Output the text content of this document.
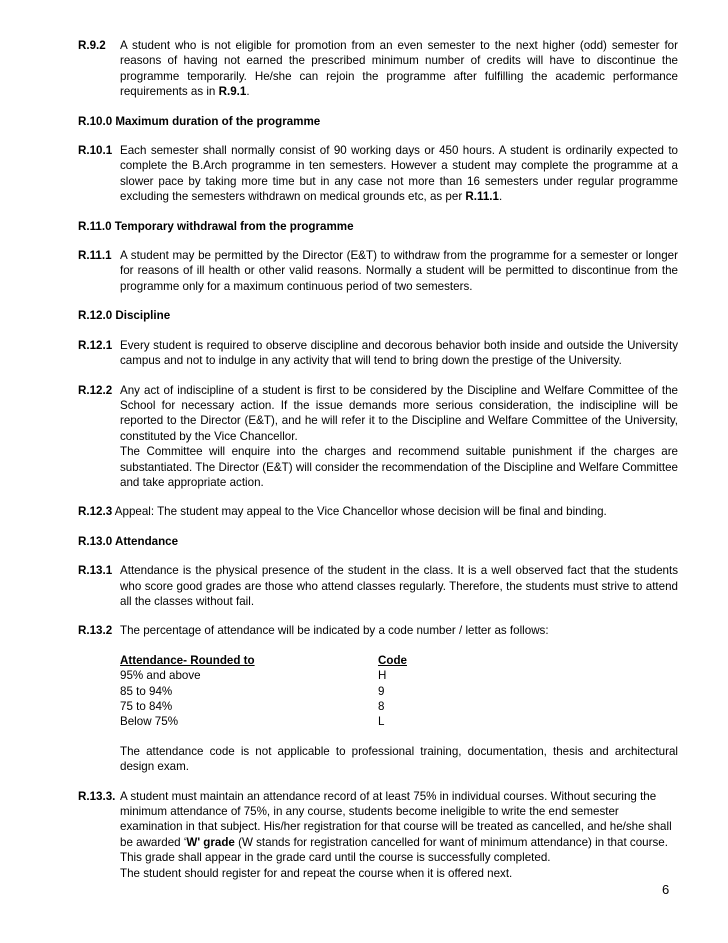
R.9.2 A student who is not eligible for promotion from an even semester to the next higher (odd) semester for reasons of having not earned the prescribed minimum number of credits will have to discontinue the programme temporarily. He/she can rejoin the programme after fulfilling the academic performance requirements as in R.9.1.

R.10.0 Maximum duration of the programme

R.10.1 Each semester shall normally consist of 90 working days or 450 hours. A student is ordinarily expected to complete the B.Arch programme in ten semesters. However a student may complete the programme at a slower pace by taking more time but in any case not more than 16 semesters under regular programme excluding the semesters withdrawn on medical grounds etc, as per R.11.1.

R.11.0 Temporary withdrawal from the programme

R.11.1 A student may be permitted by the Director (E&T) to withdraw from the programme for a semester or longer for reasons of ill health or other valid reasons. Normally a student will be permitted to discontinue from the programme only for a maximum continuous period of two semesters.

R.12.0 Discipline

R.12.1 Every student is required to observe discipline and decorous behavior both inside and outside the University campus and not to indulge in any activity that will tend to bring down the prestige of the University.
R.12.2 Any act of indiscipline of a student is first to be considered by the Discipline and Welfare Committee of the School for necessary action. If the issue demands more serious consideration, the indiscipline will be reported to the Director (E&T), and he will refer it to the Discipline and Welfare Committee of the University, constituted by the Vice Chancellor.
The Committee will enquire into the charges and recommend suitable punishment if the charges are substantiated. The Director (E&T) will consider the recommendation of the Discipline and Welfare Committee and take appropriate action.
R.12.3 Appeal: The student may appeal to the Vice Chancellor whose decision will be final and binding.

R.13.0 Attendance

R.13.1 Attendance is the physical presence of the student in the class. It is a well observed fact that the students who score good grades are those who attend classes regularly. Therefore, the students must strive to attend all the classes without fail.
R.13.2 The percentage of attendance will be indicated by a code number / letter as follows:
Attendance- Rounded to	Code
95% and above	H
85 to 94%	9
75 to 84%	8
Below 75%	L
The attendance code is not applicable to professional training, documentation, thesis and architectural design exam.
R.13.3. A student must maintain an attendance record of at least 75% in individual courses. Without securing the minimum attendance of 75%, in any course, students become ineligible to write the end semester examination in that subject. His/her registration for that course will be treated as cancelled, and he/she shall be awarded ‘W' grade (W stands for registration cancelled for want of minimum attendance) in that course. This grade shall appear in the grade card until the course is successfully completed.
The student should register for and repeat the course when it is offered next.
6
